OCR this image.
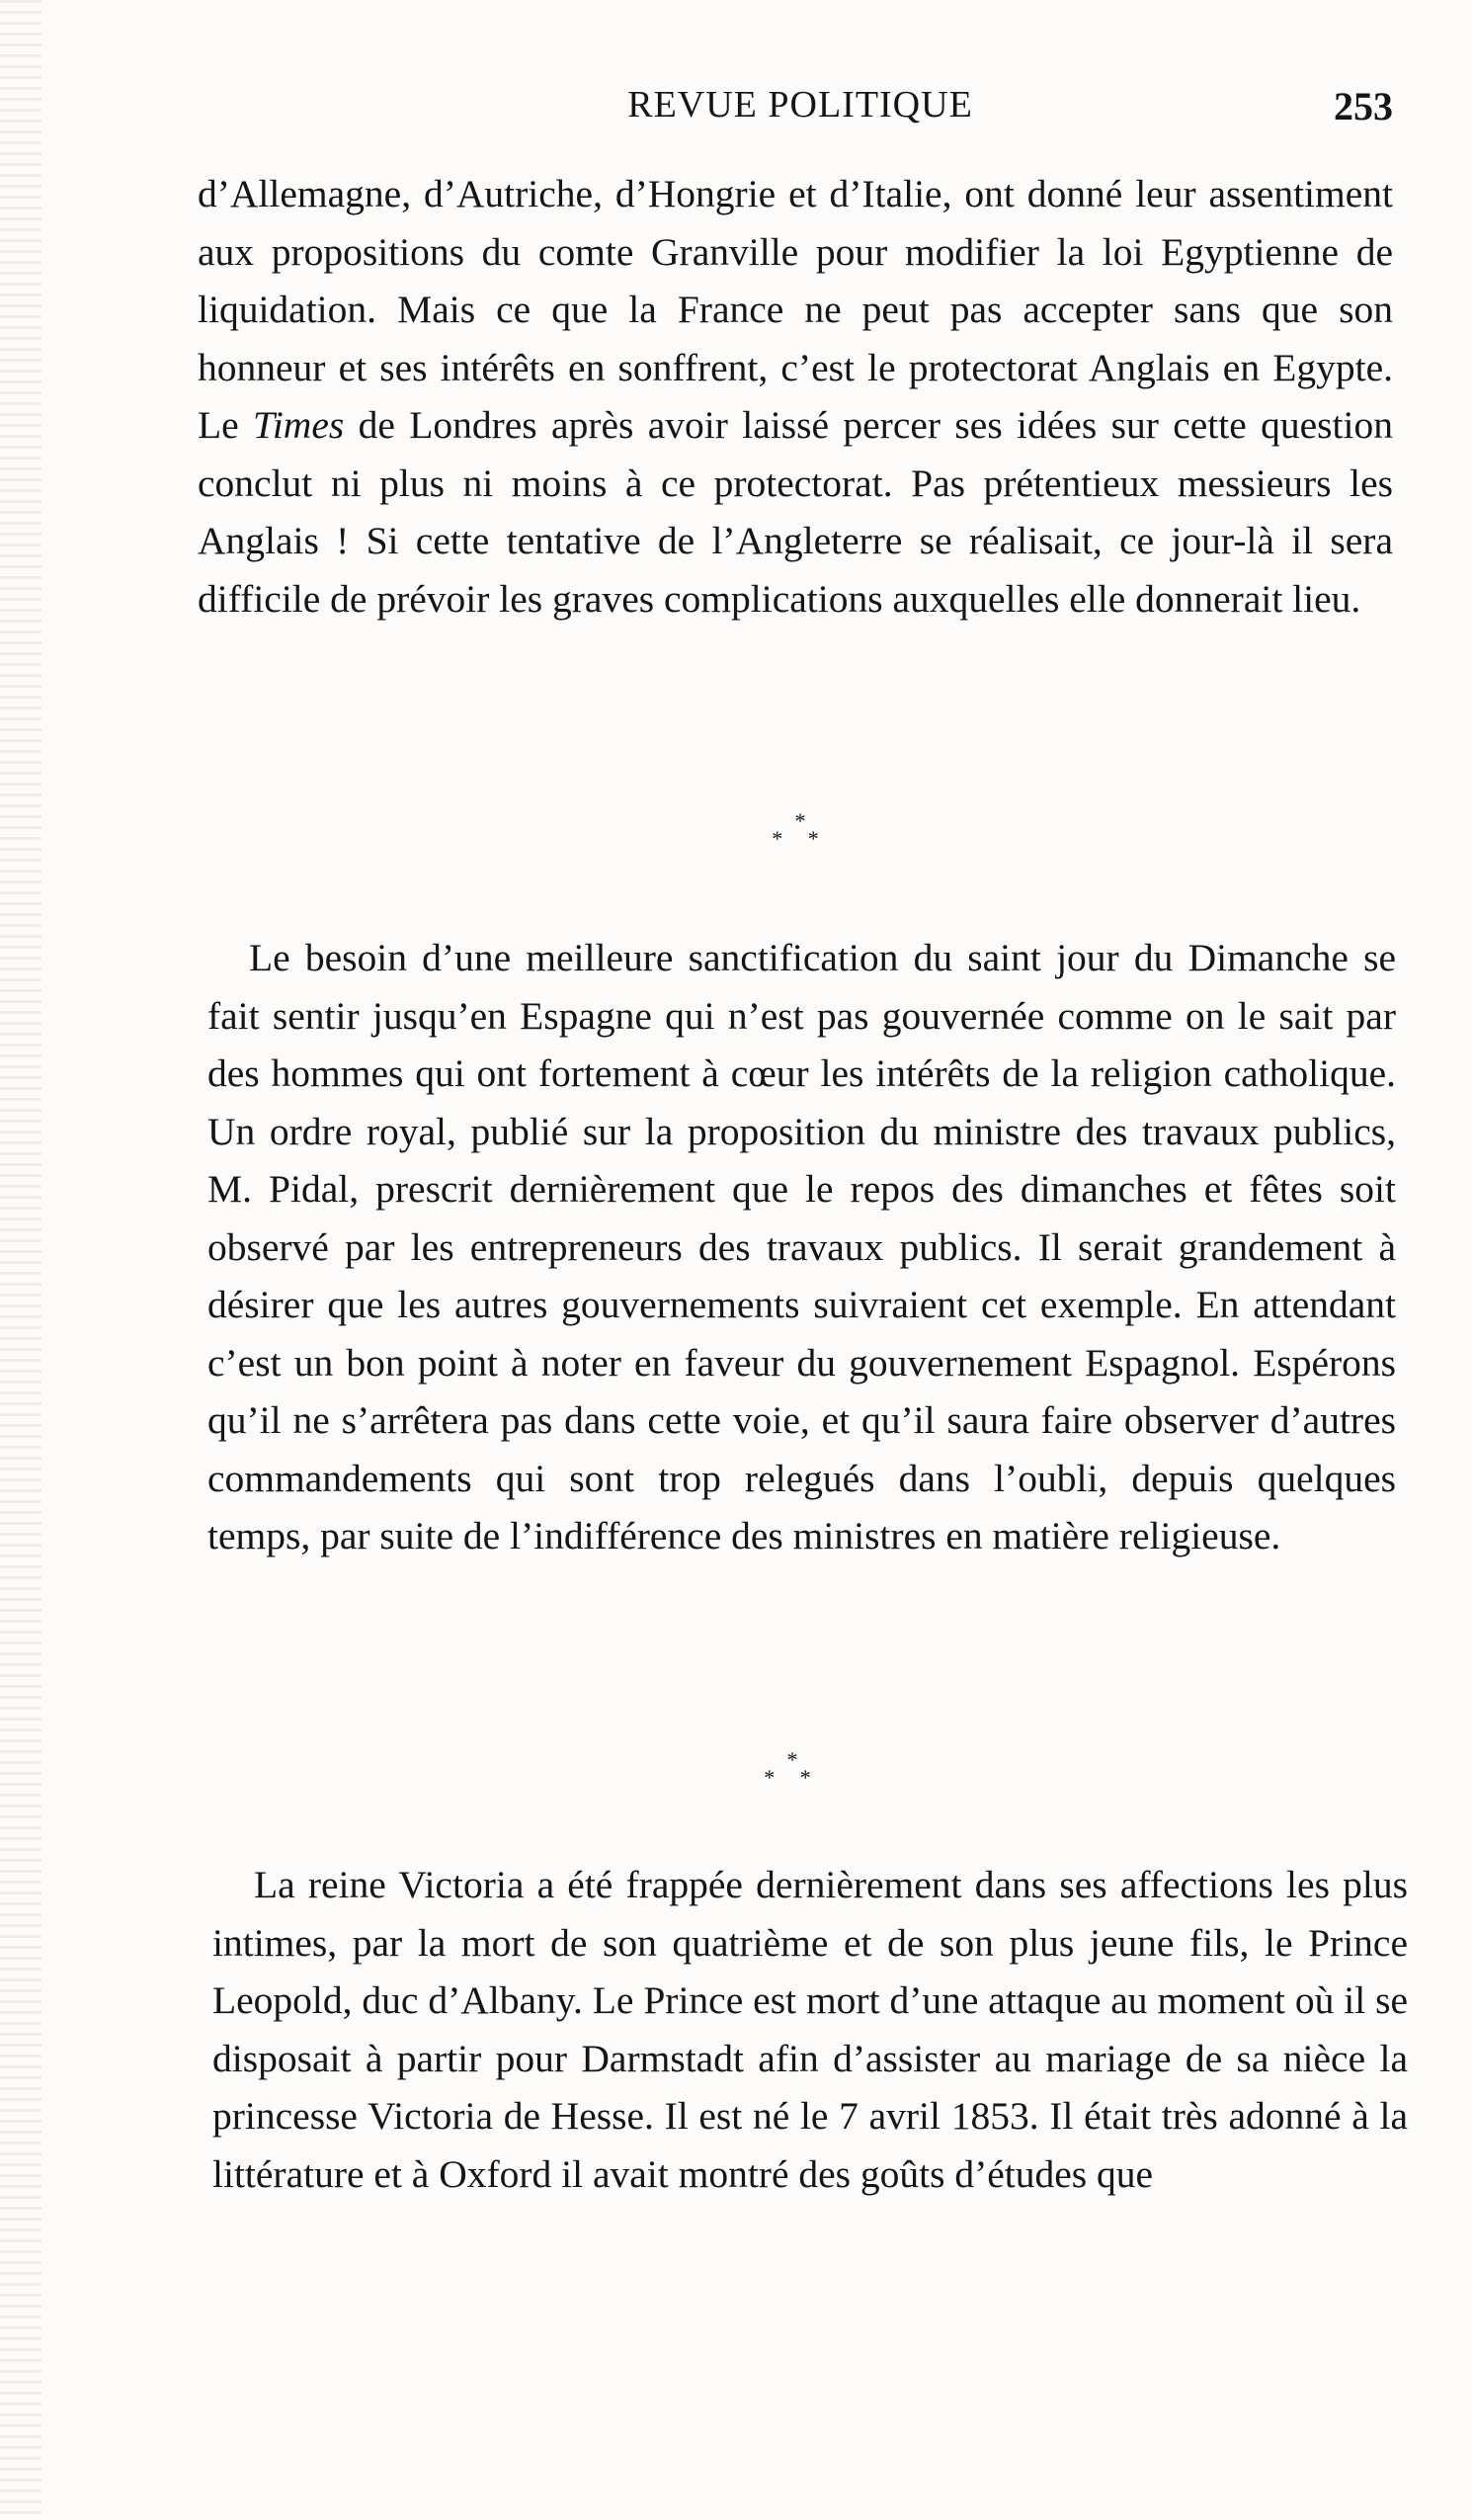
REVUE POLITIQUE	253

d’Allemagne, d’Autriche, d’Hongrie et d’Italie, ont donné leur assentiment aux propositions du comte Granville pour modifier la loi Egyptienne de liquidation. Mais ce que la France ne peut pas accepter sans que son honneur et ses intérêts en sonffrent, c’est le protectorat Anglais en Egypte. Le Times de Londres après avoir laissé percer ses idées sur cette question conclut ni plus ni moins à ce protectorat. Pas prétentieux messieurs les Anglais ! Si cette tentative de l’Angleterre se réalisait, ce jour-là il sera difficile de prévoir les graves complications auxquelles elle donnerait lieu.

*
* *

Le besoin d’une meilleure sanctification du saint jour du Dimanche se fait sentir jusqu’en Espagne qui n’est pas gouvernée comme on le sait par des hommes qui ont fortement à cœur les intérêts de la religion catholique. Un ordre royal, publié sur la proposition du ministre des travaux publics, M. Pidal, prescrit dernièrement que le repos des dimanches et fêtes soit observé par les entrepreneurs des travaux publics. Il serait grandement à désirer que les autres gouvernements suivraient cet exemple. En attendant c’est un bon point à noter en faveur du gouvernement Espagnol. Espérons qu’il ne s’arrêtera pas dans cette voie, et qu’il saura faire observer d’autres commandements qui sont trop relegués dans l’oubli, depuis quelques temps, par suite de l’indifférence des ministres en matière religieuse.

*
* *

La reine Victoria a été frappée dernièrement dans ses affections les plus intimes, par la mort de son quatrième et de son plus jeune fils, le Prince Leopold, duc d’Albany. Le Prince est mort d’une attaque au moment où il se disposait à partir pour Darmstadt afin d’assister au mariage de sa nièce la princesse Victoria de Hesse. Il est né le 7 avril 1853. Il était très adonné à la littérature et à Oxford il avait montré des goûts d’études que
